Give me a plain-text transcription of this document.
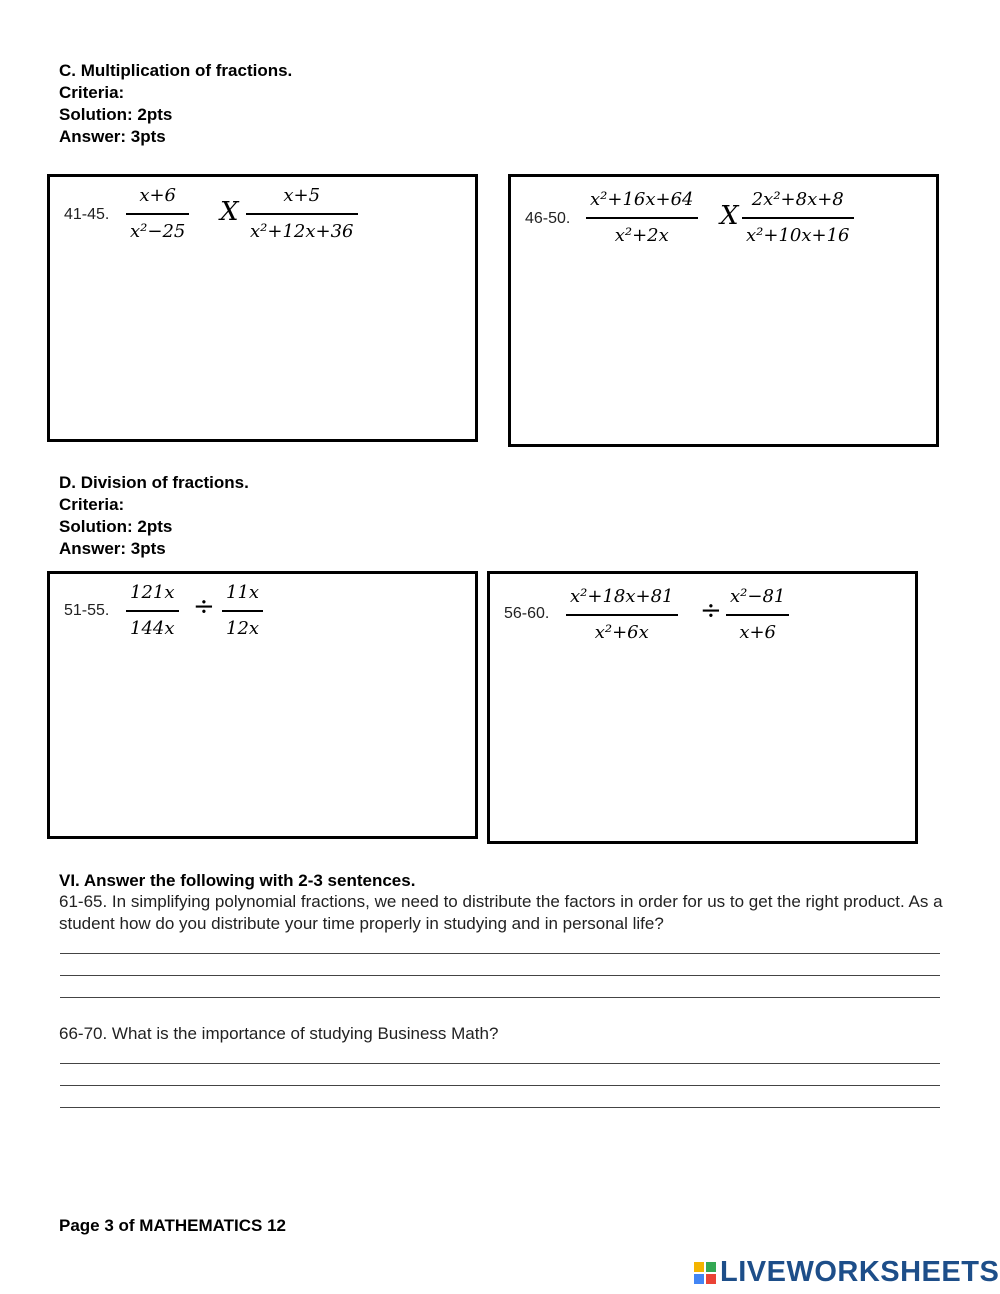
C. Multiplication of fractions.
Criteria:
Solution: 2pts
Answer: 3pts
41-45.
x+6
x²−25
X
x+5
x²+12x+36
46-50.
x²+16x+64
x²+2x
X
2x²+8x+8
x²+10x+16
D. Division of fractions.
Criteria:
Solution: 2pts
Answer: 3pts
51-55.
121x
144x
÷ 11x
12x
56-60.
x²+18x+81
x²+6x
÷ x²−81
x+6
VI. Answer the following with 2-3 sentences.
61-65. In simplifying polynomial fractions, we need to distribute the factors in order for us to get the right product. As a student how do you distribute your time properly in studying and in personal life?
66-70. What is the importance of studying Business Math?
Page 3 of MATHEMATICS 12
LIVEWORKSHEETS
